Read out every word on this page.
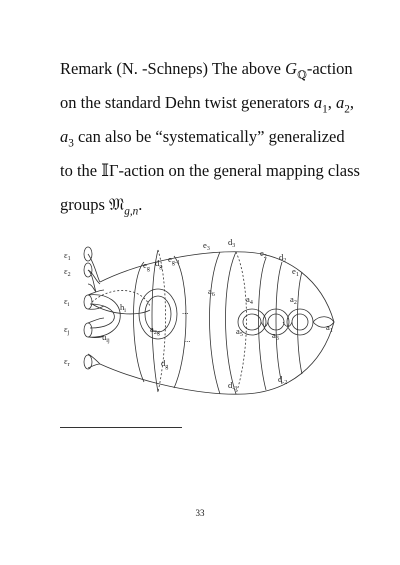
Remark (N. -Schneps) The above $G_ℚ$-action on the standard Dehn twist generators $a_1$, $a_2$, $a_3$ can also be “systematically” generalized to the 𝕀Γ-action on the general mapping class groups 𝔐$_{g,n}$.
$\varepsilon_1$
$\varepsilon_2$
$\varepsilon_i$
$\varepsilon_j$
$\varepsilon_r$
$h_i$
$u_{ij}$
$e_g$
$d_g$
$e_{g-1}$
$e_3$
$d_3$
$e_2$ $d_2$
$e_1$
$a_6$	$a_4$	$a_2$
$a_5$	$a_3$
$a_1$
$a_{2g}$
$d_g$
$d_{-3}$
$d_{-2}$
...
...
33
